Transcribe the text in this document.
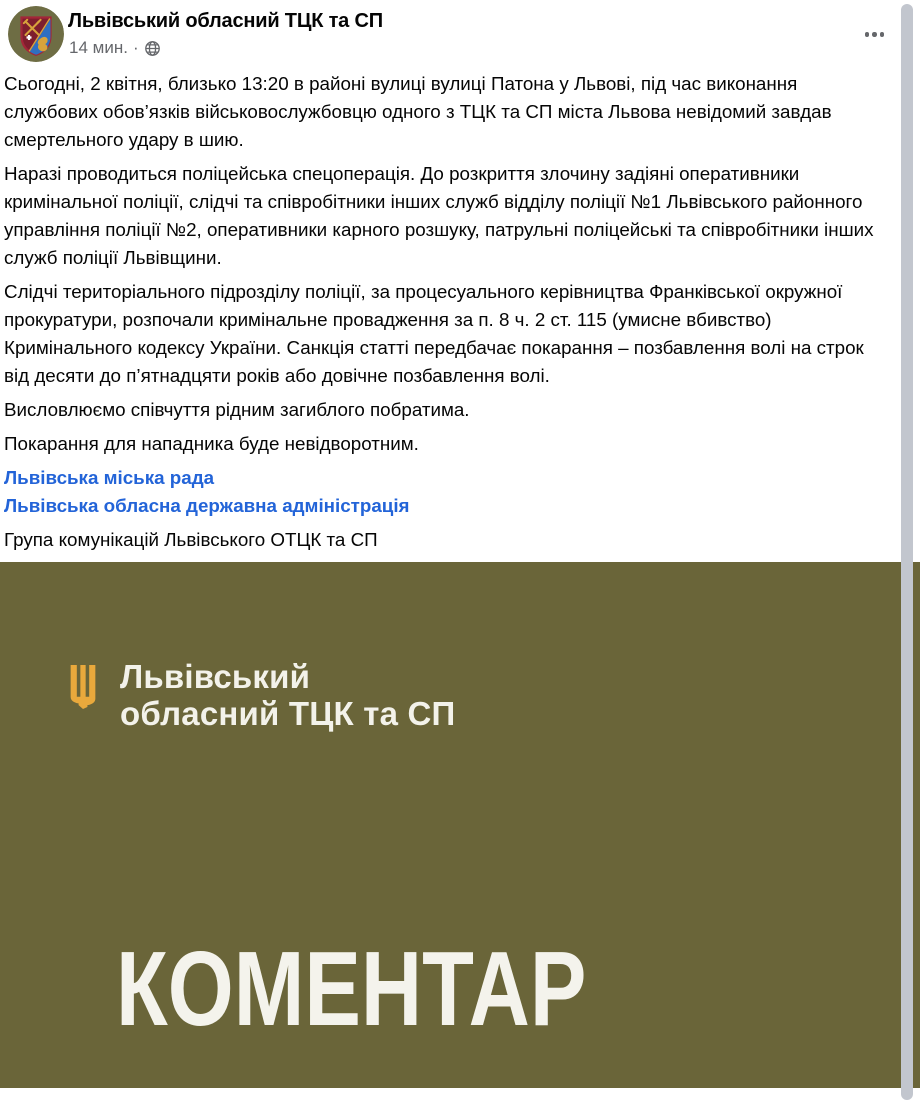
Львівський обласний ТЦК та СП
14 мин. ·

Сьогодні, 2 квітня, близько 13:20 в районі вулиці вулиці Патона у Львові, під час виконання службових обов’язків військовослужбовцю одного з ТЦК та СП міста Львова невідомий завдав смертельного удару в шию.

Наразі проводиться поліцейська спецоперація. До розкриття злочину задіяні оперативники кримінальної поліції, слідчі та співробітники інших служб відділу поліції №1 Львівського районного управління поліції №2, оперативники карного розшуку, патрульні поліцейські та співробітники інших служб поліції Львівщини.

Слідчі територіального підрозділу поліції, за процесуального керівництва Франківської окружної прокуратури, розпочали кримінальне провадження за п. 8 ч. 2 ст. 115 (умисне вбивство) Кримінального кодексу України. Санкція статті передбачає покарання – позбавлення волі на строк від десяти до п’ятнадцяти років або довічне позбавлення волі.

Висловлюємо співчуття рідним загиблого побратима.

Покарання для нападника буде невідворотним.

Львівська міська рада
Львівська обласна державна адміністрація

Група комунікацій Львівського ОТЦК та СП

Львівський
обласний ТЦК та СП
КОМЕНТАР
